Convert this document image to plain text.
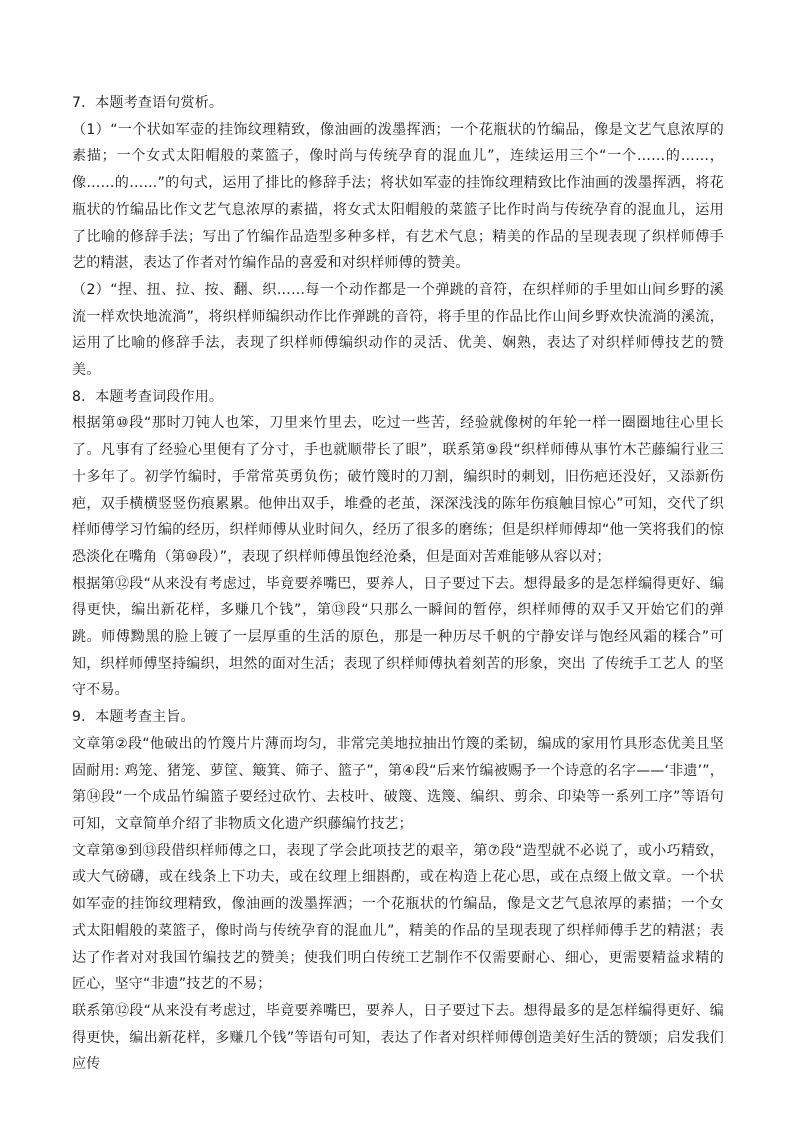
7．本题考查语句赏析。

（1）“一个状如军壶的挂饰纹理精致，像油画的泼墨挥洒；一个花瓶状的竹编品，像是文艺气息浓厚的素描；一个女式太阳帽般的菜篮子，像时尚与传统孕育的混血儿”，连续运用三个“一个……的……，像……的……”的句式，运用了排比的修辞手法；将状如军壶的挂饰纹理精致比作油画的泼墨挥洒，将花瓶状的竹编品比作文艺气息浓厚的素描，将女式太阳帽般的菜篮子比作时尚与传统孕育的混血儿，运用了比喻的修辞手法；写出了竹编作品造型多种多样，有艺术气息；精美的作品的呈现表现了织样师傅手艺的精湛，表达了作者对竹编作品的喜爱和对织样师傅的赞美。

（2）“捏、扭、拉、按、翻、织……每一个动作都是一个弹跳的音符，在织样师的手里如山间乡野的溪流一样欢快地流淌”，将织样师编织动作比作弹跳的音符，将手里的作品比作山间乡野欢快流淌的溪流，运用了比喻的修辞手法，表现了织样师傅编织动作的灵活、优美、娴熟，表达了对织样师傅技艺的赞美。

8．本题考查词段作用。

根据第⑩段“那时刀钝人也笨，刀里来竹里去，吃过一些苦，经验就像树的年轮一样一圈圈地往心里长了。凡事有了经验心里便有了分寸，手也就顺带长了眼”，联系第⑨段“织样师傅从事竹木芒藤编行业三十多年了。初学竹编时，手常常英勇负伤；破竹篾时的刀割，编织时的刺划，旧伤疤还没好，又添新伤疤，双手横横竖竖伤痕累累。他伸出双手，堆叠的老茧，深深浅浅的陈年伤痕触目惊心”可知，交代了织样师傅学习竹编的经历，织样师傅从业时间久，经历了很多的磨练；但是织样师傅却“他一笑将我们的惊恐淡化在嘴角（第⑩段）”，表现了织样师傅虽饱经沧桑，但是面对苦难能够从容以对；

根据第⑫段“从来没有考虑过，毕竟要养嘴巴，要养人，日子要过下去。想得最多的是怎样编得更好、编得更快，编出新花样，多赚几个钱”，第⑬段“只那么一瞬间的暂停，织样师傅的双手又开始它们的弹跳。师傅黝黑的脸上镀了一层厚重的生活的原色，那是一种历尽千帆的宁静安详与饱经风霜的糅合”可知，织样师傅坚持编织，坦然的面对生活；表现了织样师傅执着刻苦的形象，突出 了传统手工艺人 的坚守不易。

9．本题考查主旨。

文章第②段“他破出的竹篾片片薄而均匀，非常完美地拉抽出竹篾的柔韧，编成的家用竹具形态优美且坚固耐用: 鸡笼、猪笼、萝筐、簸箕、筛子、篮子”，第④段“后来竹编被赐予一个诗意的名字——‘非遗’”，第⑭段“一个成品竹编篮子要经过砍竹、去枝叶、破篾、选篾、编织、剪余、印染等一系列工序”等语句可知，文章简单介绍了非物质文化遗产织藤编竹技艺；

文章第⑨到⑬段借织样师傅之口，表现了学会此项技艺的艰辛，第⑦段“造型就不必说了，或小巧精致，或大气磅礴，或在线条上下功夫，或在纹理上细斟酌，或在构造上花心思，或在点缀上做文章。一个状如军壶的挂饰纹理精致，像油画的泼墨挥洒；一个花瓶状的竹编品，像是文艺气息浓厚的素描；一个女式太阳帽般的菜篮子，像时尚与传统孕育的混血儿”，精美的作品的呈现表现了织样师傅手艺的精湛；表达了作者对对我国竹编技艺的赞美；使我们明白传统工艺制作不仅需要耐心、细心，更需要精益求精的匠心，坚守“非遗”技艺的不易；

联系第⑫段“从来没有考虑过，毕竟要养嘴巴，要养人，日子要过下去。想得最多的是怎样编得更好、编得更快，编出新花样，多赚几个钱”等语句可知，表达了作者对织样师傅创造美好生活的赞颂；启发我们应传
